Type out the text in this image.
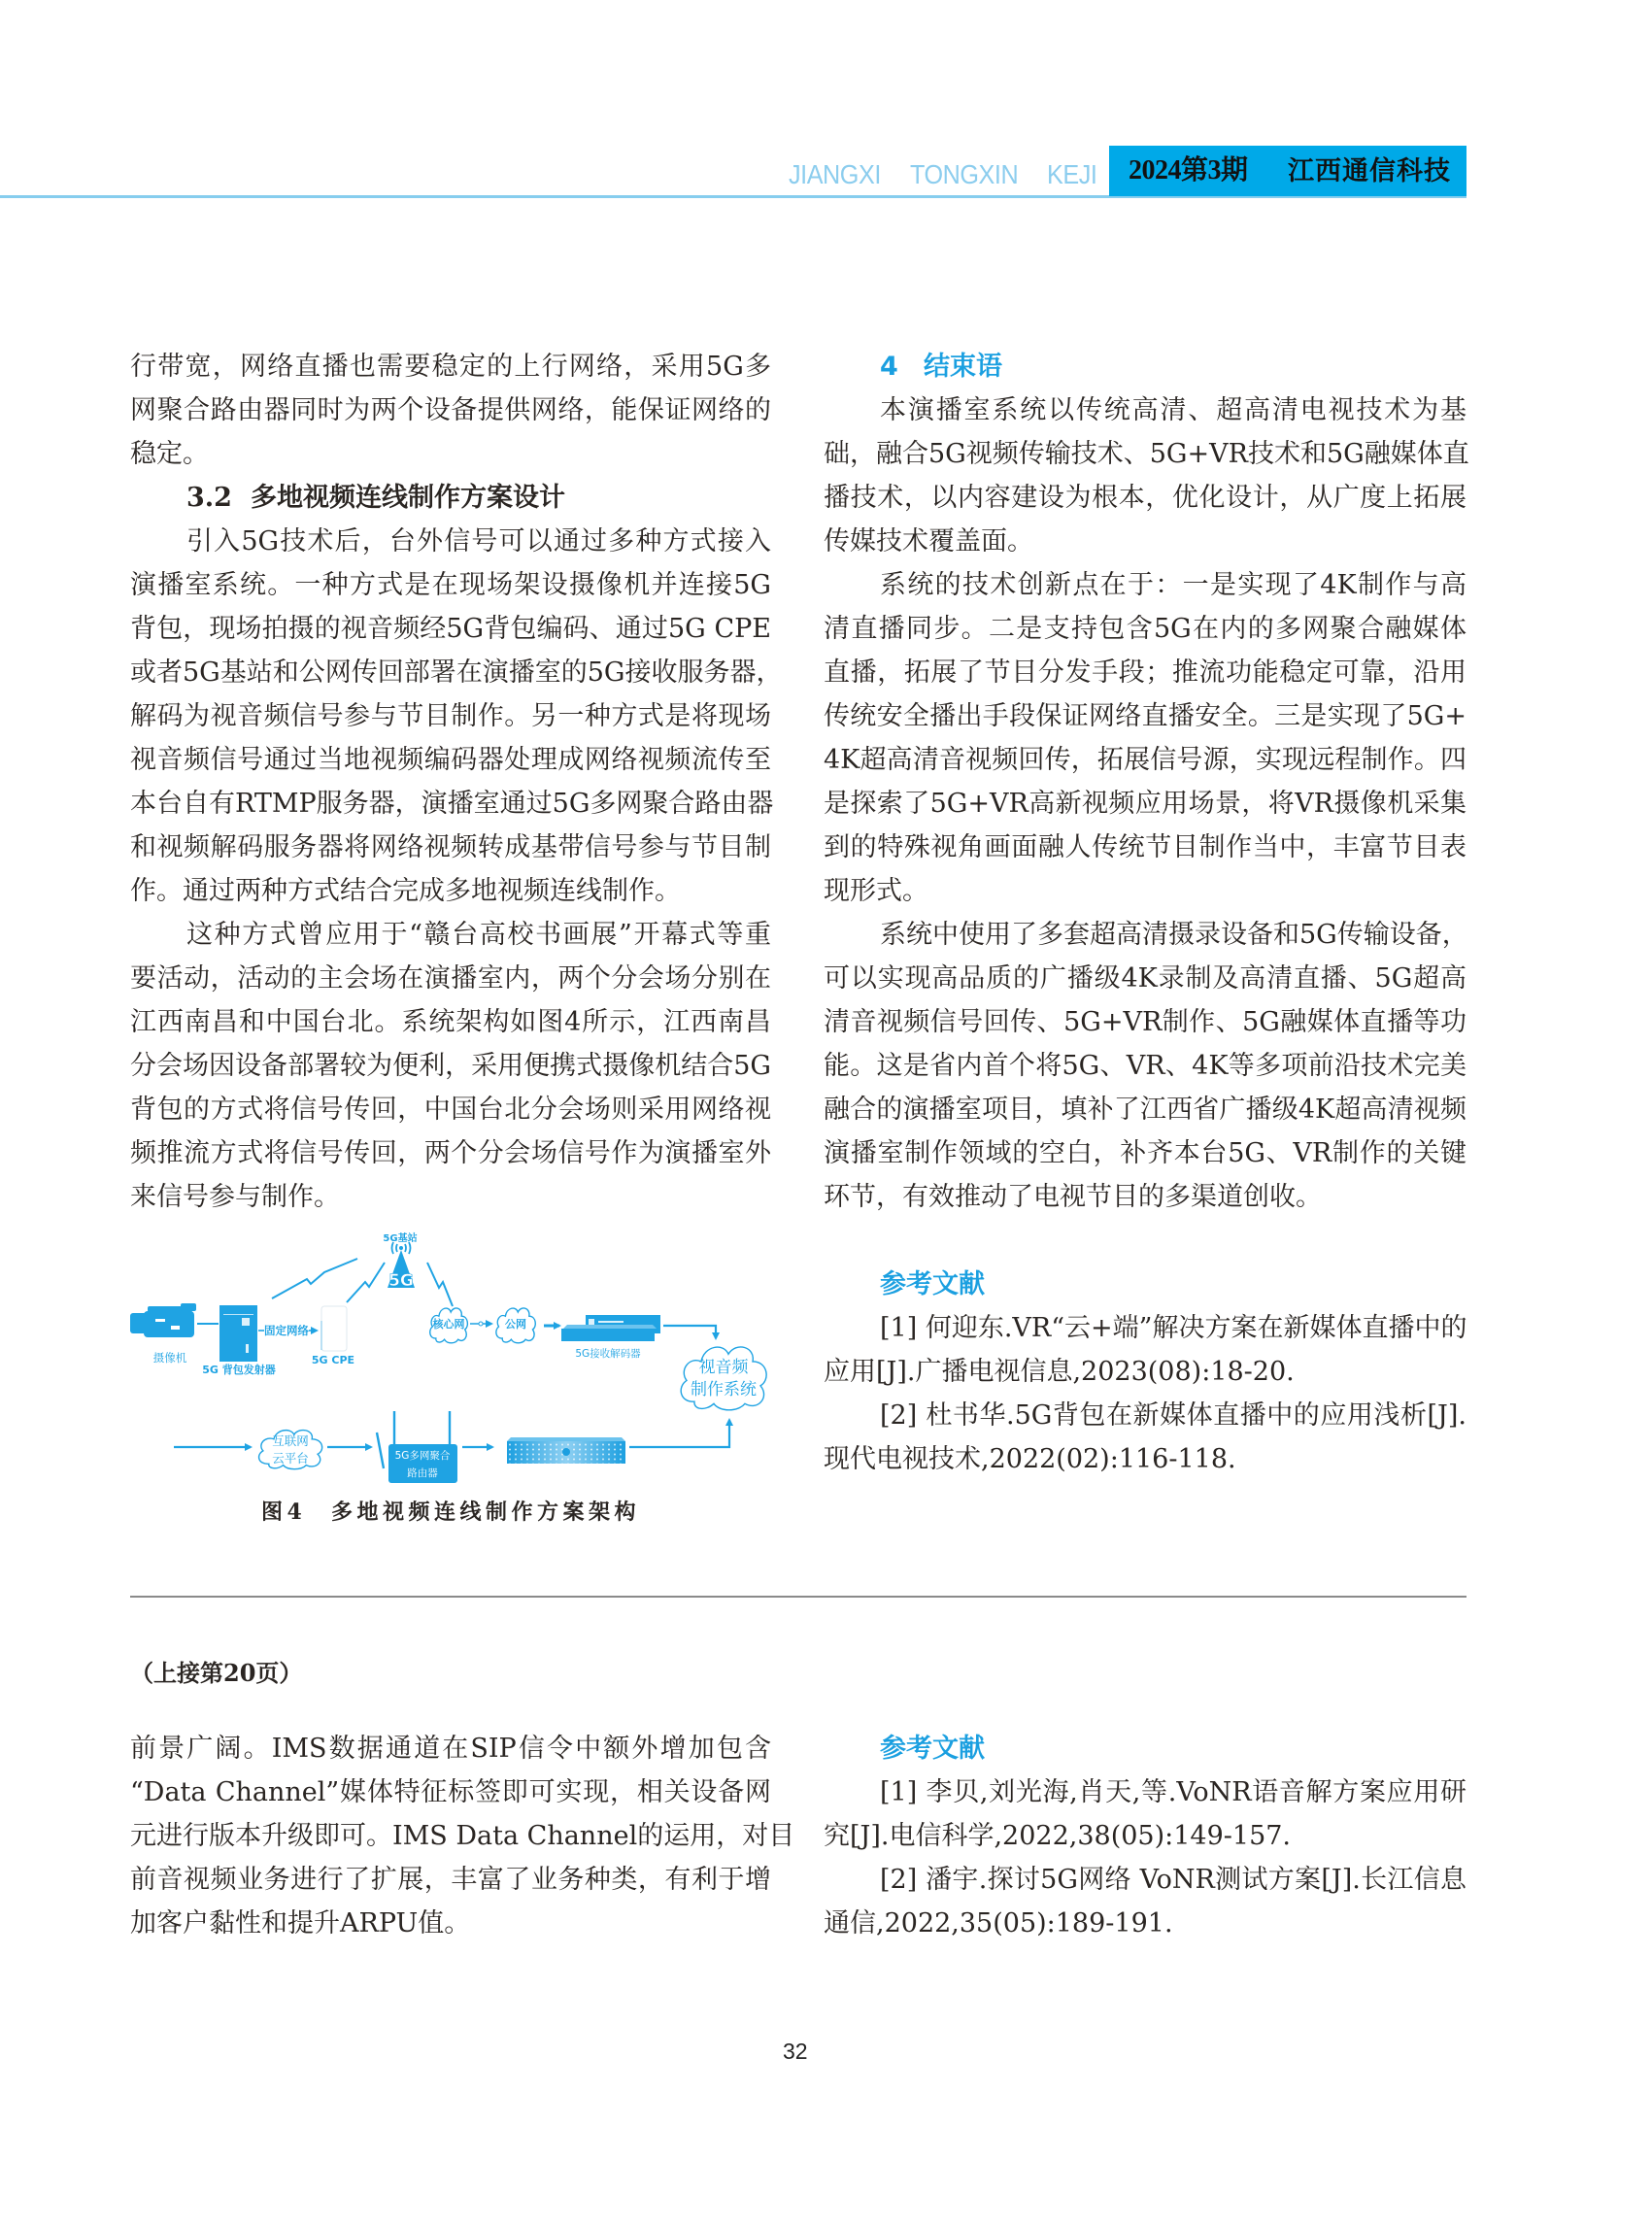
JIANGXI TONGXIN KEJI 2024第3期 江西通信科技
行带宽，网络直播也需要稳定的上行网络，采用5G多
网聚合路由器同时为两个设备提供网络，能保证网络的
稳定。
3.2 多地视频连线制作方案设计
引入5G技术后，台外信号可以通过多种方式接入
演播室系统。一种方式是在现场架设摄像机并连接5G
背包，现场拍摄的视音频经5G背包编码、通过5G CPE
或者5G基站和公网传回部署在演播室的5G接收服务器，
解码为视音频信号参与节目制作。另一种方式是将现场
视音频信号通过当地视频编码器处理成网络视频流传至
本台自有RTMP服务器，演播室通过5G多网聚合路由器
和视频解码服务器将网络视频转成基带信号参与节目制
作。通过两种方式结合完成多地视频连线制作。
这种方式曾应用于“赣台高校书画展”开幕式等重
要活动，活动的主会场在演播室内，两个分会场分别在
江西南昌和中国台北。系统架构如图4所示，江西南昌
分会场因设备部署较为便利，采用便携式摄像机结合5G
背包的方式将信号传回，中国台北分会场则采用网络视
频推流方式将信号传回，两个分会场信号作为演播室外
来信号参与制作。
5G
5G基站
摄像机
5G 背包发射器
固定网络
5G CPE
核心网	公网
5G接收解码器
视音频
制作系统
互联网
云平台	5G多网聚合
路由器
图4 多地视频连线制作方案架构
4 结束语
本演播室系统以传统高清、超高清电视技术为基
础，融合5G视频传输技术、5G+VR技术和5G融媒体直
播技术，以内容建设为根本，优化设计，从广度上拓展
传媒技术覆盖面。
系统的技术创新点在于：一是实现了4K制作与高
清直播同步。二是支持包含5G在内的多网聚合融媒体
直播，拓展了节目分发手段；推流功能稳定可靠，沿用
传统安全播出手段保证网络直播安全。三是实现了5G+
4K超高清音视频回传，拓展信号源，实现远程制作。四
是探索了5G+VR高新视频应用场景，将VR摄像机采集
到的特殊视角画面融人传统节目制作当中，丰富节目表
现形式。
系统中使用了多套超高清摄录设备和5G传输设备，
可以实现高品质的广播级4K录制及高清直播、5G超高
清音视频信号回传、5G+VR制作、5G融媒体直播等功
能。这是省内首个将5G、VR、4K等多项前沿技术完美
融合的演播室项目，填补了江西省广播级4K超高清视频
演播室制作领域的空白，补齐本台5G、VR制作的关键
环节，有效推动了电视节目的多渠道创收。
参考文献
[1] 何迎东.VR“云+端”解决方案在新媒体直播中的
应用[J].广播电视信息,2023(08):18-20.
[2] 杜书华.5G背包在新媒体直播中的应用浅析[J].
现代电视技术,2022(02):116-118.
（上接第20页）
前景广阔。IMS数据通道在SIP信令中额外增加包含
“Data Channel”媒体特征标签即可实现，相关设备网
元进行版本升级即可。IMS Data Channel的运用，对目
前音视频业务进行了扩展，丰富了业务种类，有利于增
加客户黏性和提升ARPU值。
参考文献
[1] 李贝,刘光海,肖天,等.VoNR语音解方案应用研
究[J].电信科学,2022,38(05):149-157.
[2] 潘宇.探讨5G网络 VoNR测试方案[J].长江信息
通信,2022,35(05):189-191.
32
